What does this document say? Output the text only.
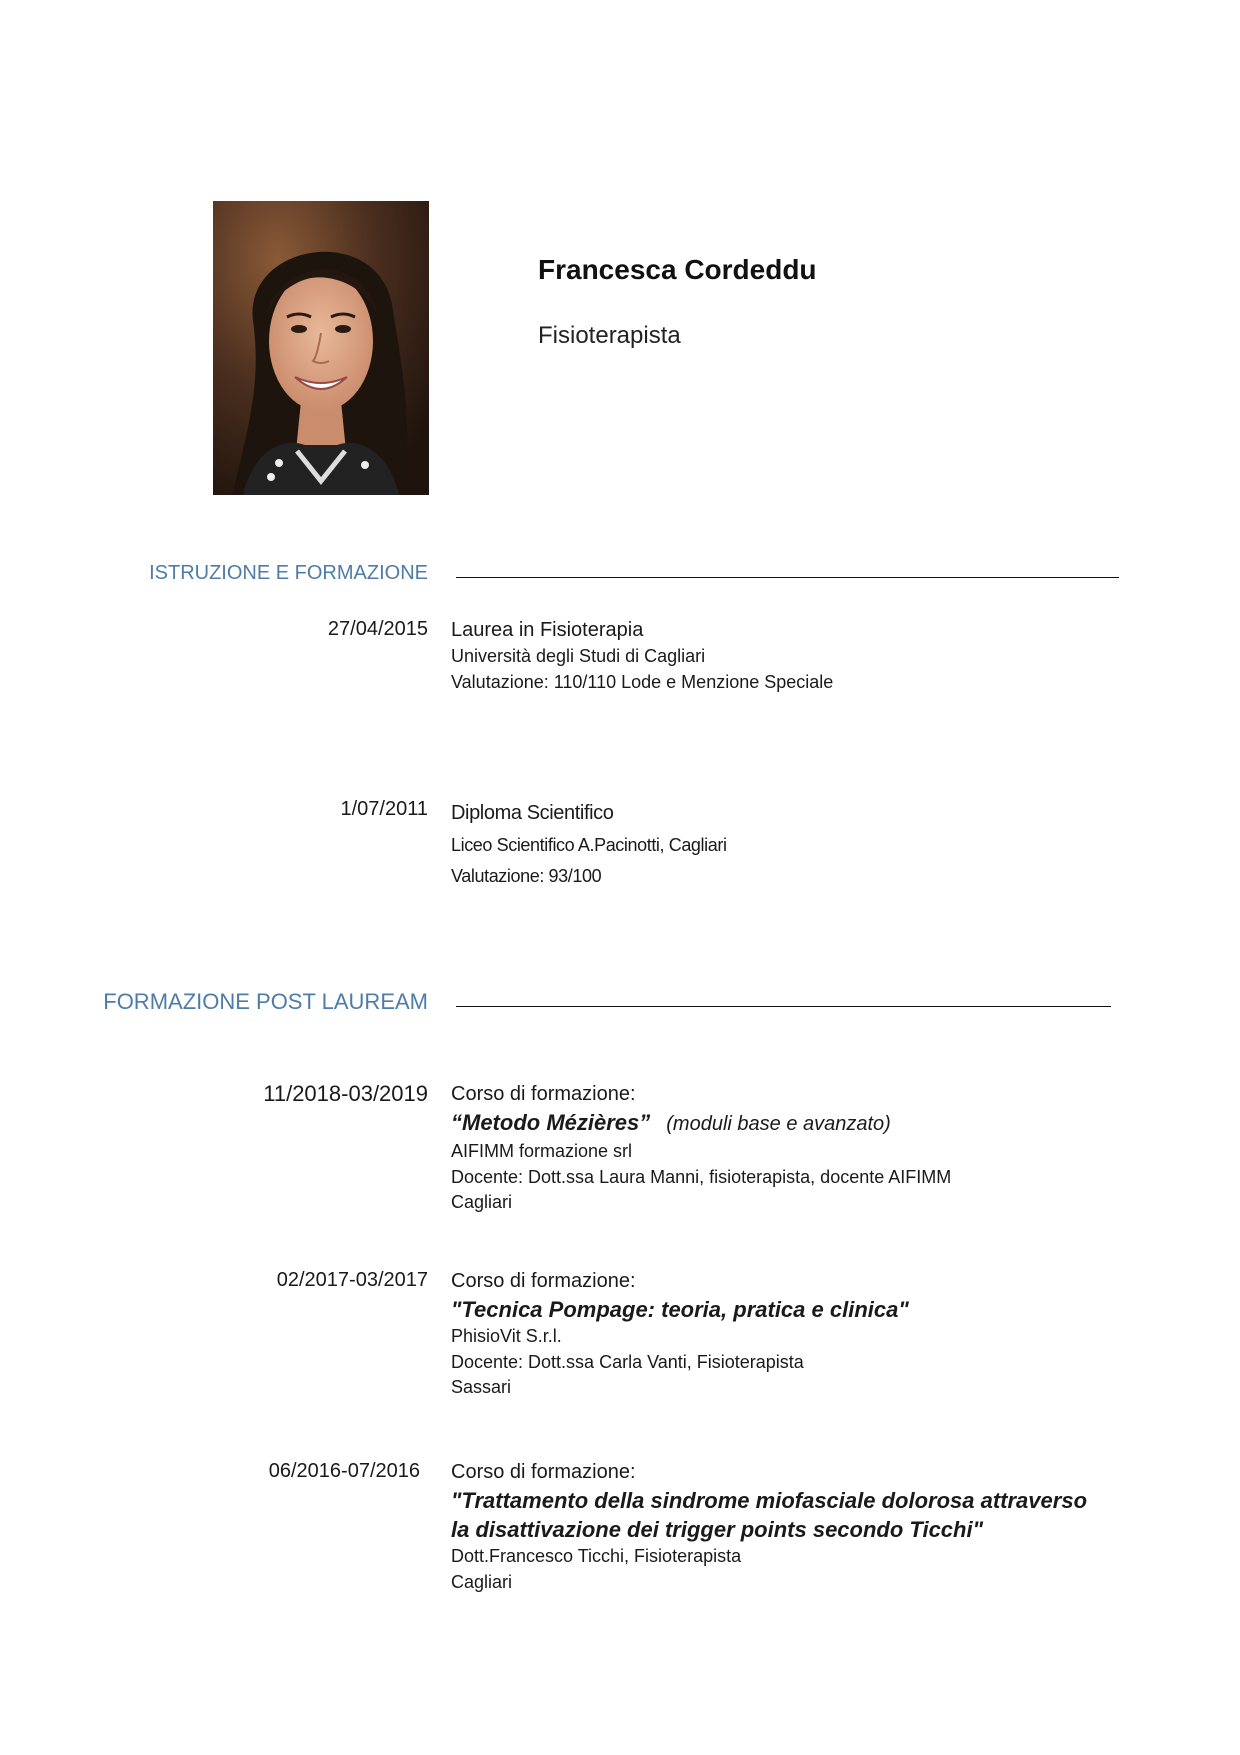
Francesca Cordeddu
Fisioterapista
ISTRUZIONE E FORMAZIONE
27/04/2015 Laurea in Fisioterapia
Università degli Studi di Cagliari
Valutazione: 110/110 Lode e Menzione Speciale
1/07/2011 Diploma Scientifico
Liceo Scientifico A.Pacinotti, Cagliari
Valutazione: 93/100
FORMAZIONE POST LAUREAM
11/2018-03/2019 Corso di formazione:
“Metodo Mézières” (moduli base e avanzato)
AIFIMM formazione srl
Docente: Dott.ssa Laura Manni, fisioterapista, docente AIFIMM
Cagliari
02/2017-03/2017 Corso di formazione:
"Tecnica Pompage: teoria, pratica e clinica"
PhisioVit S.r.l.
Docente: Dott.ssa Carla Vanti, Fisioterapista
Sassari
06/2016-07/2016 Corso di formazione:
"Trattamento della sindrome miofasciale dolorosa attraverso
la disattivazione dei trigger points secondo Ticchi"
Dott.Francesco Ticchi, Fisioterapista
Cagliari
